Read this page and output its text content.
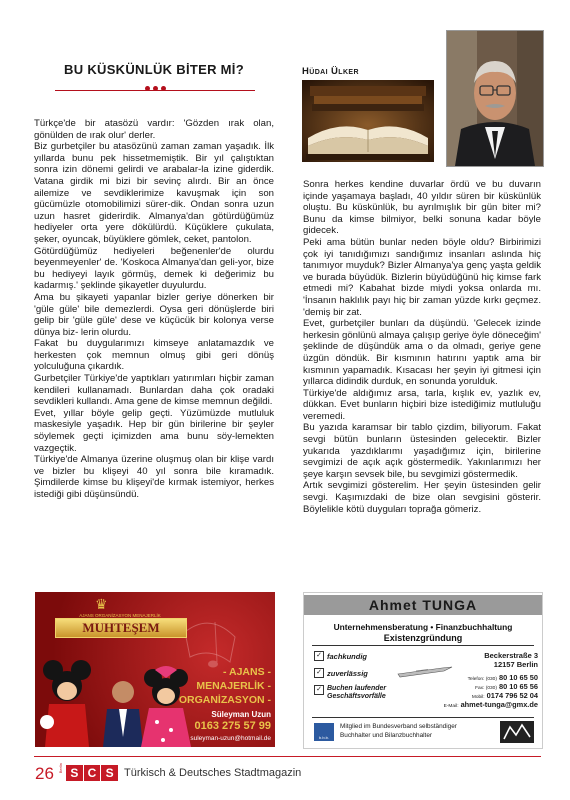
BU KÜSKÜNLÜK BİTER Mİ?	Hüdai Ülker

Türkçe'de bir atasözü vardır: 'Gözden ırak olan, gönülden de ırak olur' derler.

Biz gurbetçiler bu atasözünü zaman zaman yaşadık. İlk yıllarda bunu pek hissetmemiştik. Bir yıl çalıştıktan sonra izin dönemi gelirdi ve arabalar-la izine giderdik. Vatana girdik mi bizi bir sevinç alırdı. Bir an önce ailemize ve sevdiklerimize kavuşmak için son gücümüzle otomobilimizi sürer-dik. Ondan sonra uzun uzun hasret giderirdik. Almanya'dan götürdüğümüz hediyeler orta yere dökülürdü. Küçüklere çukulata, şeker, oyuncak, büyüklere gömlek, ceket, pantolon.

Götürdüğümüz hediyeleri beğenenler'de olurdu beyenmeyenler' de. 'Koskoca Almanya'dan geli-yor, bize bu hediyeyi layık görmüş, demek ki değerimiz bu kadarmış.' şeklinde şikayetler duyulurdu.

Ama bu şikayeti yapanlar bizler geriye dönerken bir 'güle güle' bile demezlerdi. Oysa geri dönüşlerde biri gelip bir 'güle güle' dese ve küçücük bir kolonya verse dünya biz- lerin olurdu.

Fakat bu duygularımızı kimseye anlatamazdık ve herkesten çok memnun olmuş gibi geri dönüş yolculuğuna çıkardık.

Gurbetçiler Türkiye'de yaptıkları yatırımları hiçbir zaman kendileri kullanamadı. Bunlardan daha çok oradaki sevdikleri kullandı. Ama gene de kimse memnun değildi.

Evet, yıllar böyle gelip geçti. Yüzümüzde mutluluk maskesiyle yaşadık. Hep bir gün birilerine bir şeyler söylemek geçti içimizden ama bunu söy-lemekten vazgeçtik.

Türkiye'de Almanya üzerine oluşmuş olan bir klişe vardı ve bizler bu klişeyi 40 yıl sonra bile kıramadık. Şimdilerde kimse bu klişeyi'de kırmak istemiyor, herkes istediği gibi düşünsündü.

Sonra herkes kendine duvarlar ördü ve bu duvarın içinde yaşamaya başladı, 40 yıldır süren bir küskünlük oluştu. Bu küskünlük, bu ayrılmışlık bir gün biter mi? Bunu da kimse bilmiyor, belki sonuna kadar böyle gidecek.

Peki ama bütün bunlar neden böyle oldu? Birbirimizi çok iyi tanıdığımızı sandığımız insanları aslında hiç tanımıyor muyduk? Bizler Almanya'ya genç yaşta geldik ve burada büyüdük. Bizlerin büyüdüğünü hiç kimse fark etmedi mi? Kabahat bizde miydi yoksa onlarda mı. 'İnsanın haklılık payı hiç bir zaman yüzde kırkı geçmez. 'demiş bir zat.

Evet, gurbetçiler bunları da düşündü. 'Gelecek izinde herkesin gönlünü almaya çalışıp geriye öyle döneceğim' şeklinde de düşündük ama o da olmadı, geriye gene üzgün döndük. Bir kısmının hatırını yaptık ama bir kısmının yapamadık. Kısacası her şeyin iyi gitmesi için yıllarca didindik durduk, en sonunda yorulduk.

Türkiye'de aldığımız arsa, tarla, kışlık ev, yazlık ev, dükkan. Evet bunların hiçbiri bize istediğimiz mutluluğu veremedi.

Bu yazıda karamsar bir tablo çizdim, biliyorum. Fakat sevgi bütün bunların üstesinden gelecektir. Bizler yukarıda yazdıklarımı yaşadığımız için, birilerine sevgimizi de açık açık göstermedik. Yakınlarımızı her şeye karşın sevsek bile, bu sevgimizi göstermedik.

Artık sevgimizi gösterelim. Her şeyin üstesinden gelir sevgi. Kaşımızdaki de bize olan sevgisini gösterir. Böylelikle kötü duyguları toprağa gömeriz.

♛
AJANS ORGANİZASYON MENAJERLİK
MUHTEŞEM
- AJANS -
MENAJERLİK -
ORGANİZASYON -
Süleyman Uzun
0163 275 57 99
suleyman-uzun@hotmail.de
Ahmet TUNGA
Unternehmensberatung • Finanzbuchhaltung
Existenzgründung
✓ fachkundig
✓ zuverlässig
✓ Buchen laufender Geschäftsvorfälle
Beckerstraße 3
12157 Berlin
Telefon: (030) 80 10 65 50
Fax: (030) 80 10 65 56
Mobil: 0174 796 52 04
E-Mail: ahmet-tunga@gmx.de
b.b.b.
Mitglied im Bundesverband selbständiger
Buchhalter und Bilanzbuchhalter
26 Berlin S C S Türkisch & Deutsches Stadtmagazin
